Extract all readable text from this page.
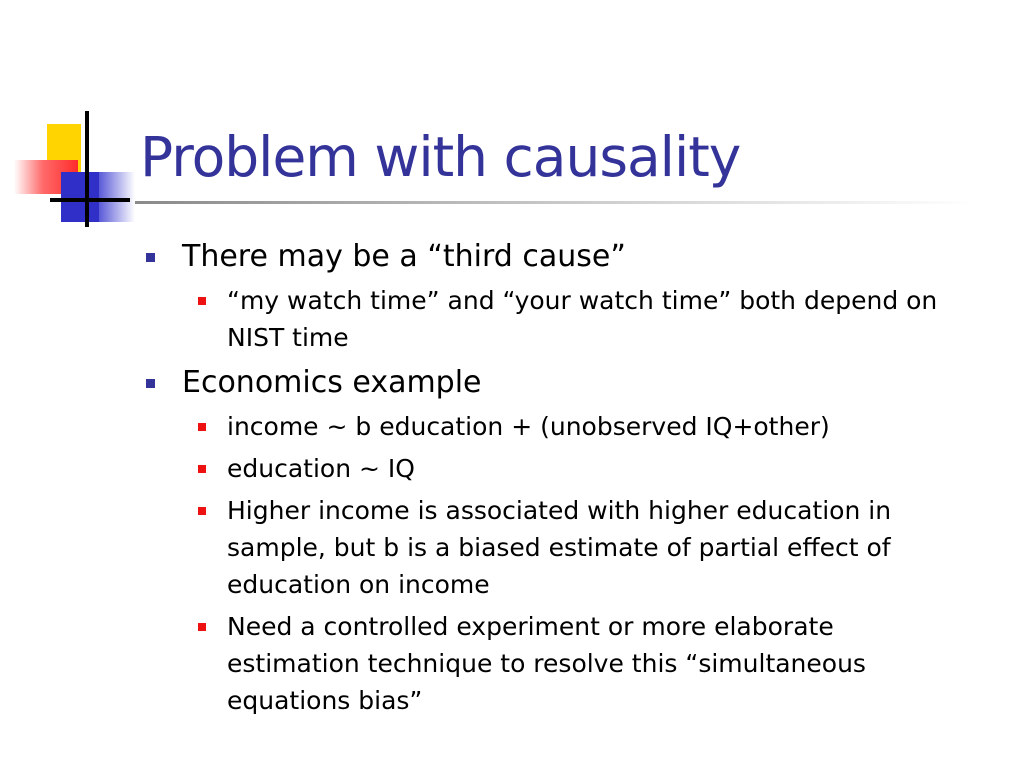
Problem with causality
There may be a “third cause”
“my watch time” and “your watch time” both depend on NIST time
Economics example
income ~ b education + (unobserved IQ+other)
education ~ IQ
Higher income is associated with higher education in sample, but b is a biased estimate of partial effect of education on income
Need a controlled experiment or more elaborate estimation technique to resolve this “simultaneous equations bias”
